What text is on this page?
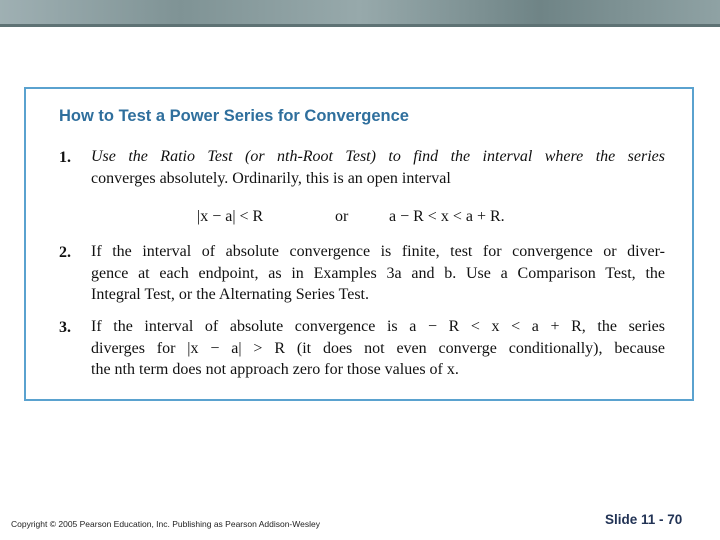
How to Test a Power Series for Convergence
1. Use the Ratio Test (or nth-Root Test) to find the interval where the series
converges absolutely. Ordinarily, this is an open interval
|x − a| < R	or	a − R < x < a + R.
2. If the interval of absolute convergence is finite, test for convergence or diver-
gence at each endpoint, as in Examples 3a and b. Use a Comparison Test, the
Integral Test, or the Alternating Series Test.
3. If the interval of absolute convergence is a − R < x < a + R, the series
diverges for |x − a| > R (it does not even converge conditionally), because
the nth term does not approach zero for those values of x.
Copyright © 2005 Pearson Education, Inc. Publishing as Pearson Addison-Wesley	Slide 11 - 70
